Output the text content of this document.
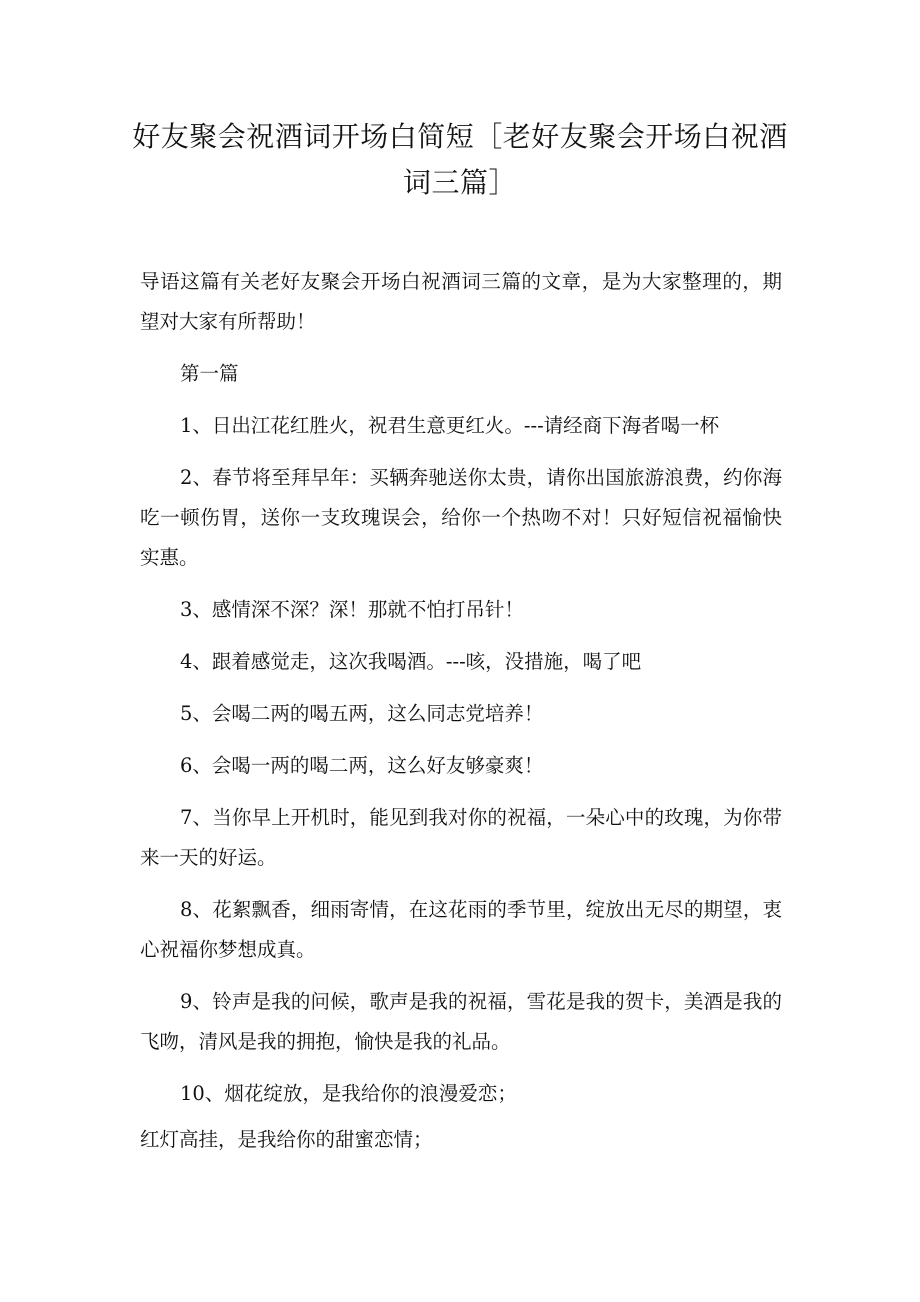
好友聚会祝酒词开场白简短［老好友聚会开场白祝酒词三篇］

导语这篇有关老好友聚会开场白祝酒词三篇的文章，是为大家整理的，期望对大家有所帮助！

第一篇

1、日出江花红胜火，祝君生意更红火。---请经商下海者喝一杯

2、春节将至拜早年：买辆奔驰送你太贵，请你出国旅游浪费，约你海吃一顿伤胃，送你一支玫瑰误会，给你一个热吻不对！只好短信祝福愉快实惠。

3、感情深不深？深！那就不怕打吊针！

4、跟着感觉走，这次我喝酒。---咳，没措施，喝了吧

5、会喝二两的喝五两，这么同志党培养！

6、会喝一两的喝二两，这么好友够豪爽！

7、当你早上开机时，能见到我对你的祝福，一朵心中的玫瑰，为你带来一天的好运。

8、花絮飘香，细雨寄情，在这花雨的季节里，绽放出无尽的期望，衷心祝福你梦想成真。

9、铃声是我的问候，歌声是我的祝福，雪花是我的贺卡，美酒是我的飞吻，清风是我的拥抱，愉快是我的礼品。

10、烟花绽放，是我给你的浪漫爱恋；

红灯高挂，是我给你的甜蜜恋情；
